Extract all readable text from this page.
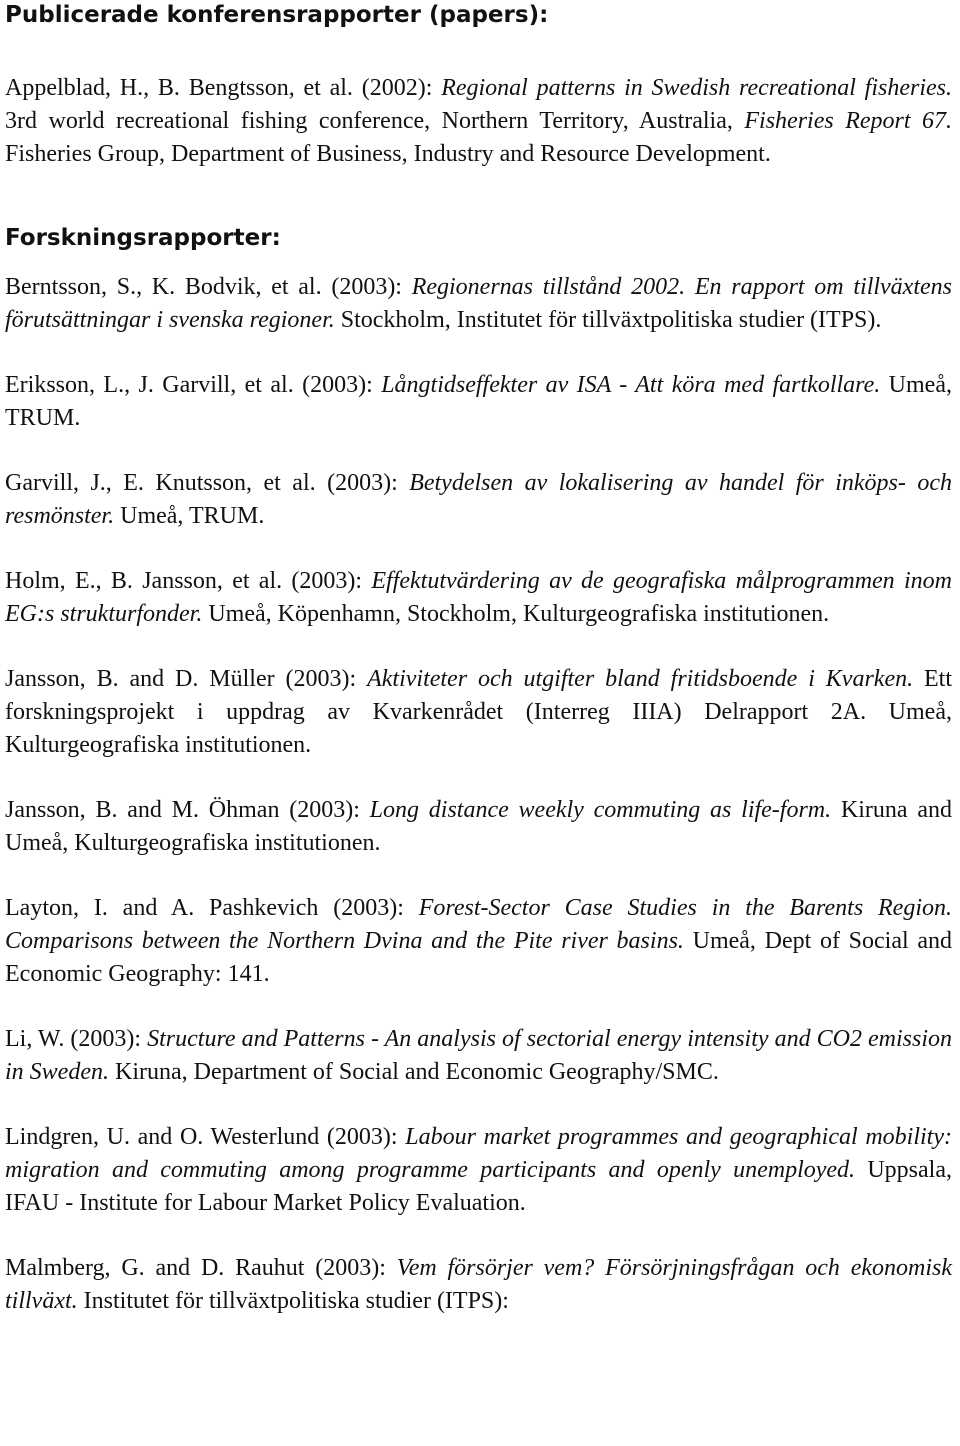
Publicerade konferensrapporter (papers):
Appelblad, H., B. Bengtsson, et al. (2002): Regional patterns in Swedish recreational fisheries. 3rd world recreational fishing conference, Northern Territory, Australia, Fisheries Report 67. Fisheries Group, Department of Business, Industry and Resource Development.
Forskningsrapporter:
Berntsson, S., K. Bodvik, et al. (2003): Regionernas tillstånd 2002. En rapport om tillväxtens förutsättningar i svenska regioner. Stockholm, Institutet för tillväxtpolitiska studier (ITPS).
Eriksson, L., J. Garvill, et al. (2003): Långtidseffekter av ISA - Att köra med fartkollare. Umeå, TRUM.
Garvill, J., E. Knutsson, et al. (2003): Betydelsen av lokalisering av handel för inköps- och resmönster. Umeå, TRUM.
Holm, E., B. Jansson, et al. (2003): Effektutvärdering av de geografiska målprogrammen inom EG:s strukturfonder. Umeå, Köpenhamn, Stockholm, Kulturgeografiska institutionen.
Jansson, B. and D. Müller (2003): Aktiviteter och utgifter bland fritidsboende i Kvarken. Ett forskningsprojekt i uppdrag av Kvarkenrådet (Interreg IIIA) Delrapport 2A. Umeå, Kulturgeografiska institutionen.
Jansson, B. and M. Öhman (2003): Long distance weekly commuting as life-form. Kiruna and Umeå, Kulturgeografiska institutionen.
Layton, I. and A. Pashkevich (2003): Forest-Sector Case Studies in the Barents Region. Comparisons between the Northern Dvina and the Pite river basins. Umeå, Dept of Social and Economic Geography: 141.
Li, W. (2003): Structure and Patterns - An analysis of sectorial energy intensity and CO2 emission in Sweden. Kiruna, Department of Social and Economic Geography/SMC.
Lindgren, U. and O. Westerlund (2003): Labour market programmes and geographical mobility: migration and commuting among programme participants and openly unemployed. Uppsala, IFAU - Institute for Labour Market Policy Evaluation.
Malmberg, G. and D. Rauhut (2003): Vem försörjer vem? Försörjningsfrågan och ekonomisk tillväxt. Institutet för tillväxtpolitiska studier (ITPS):
